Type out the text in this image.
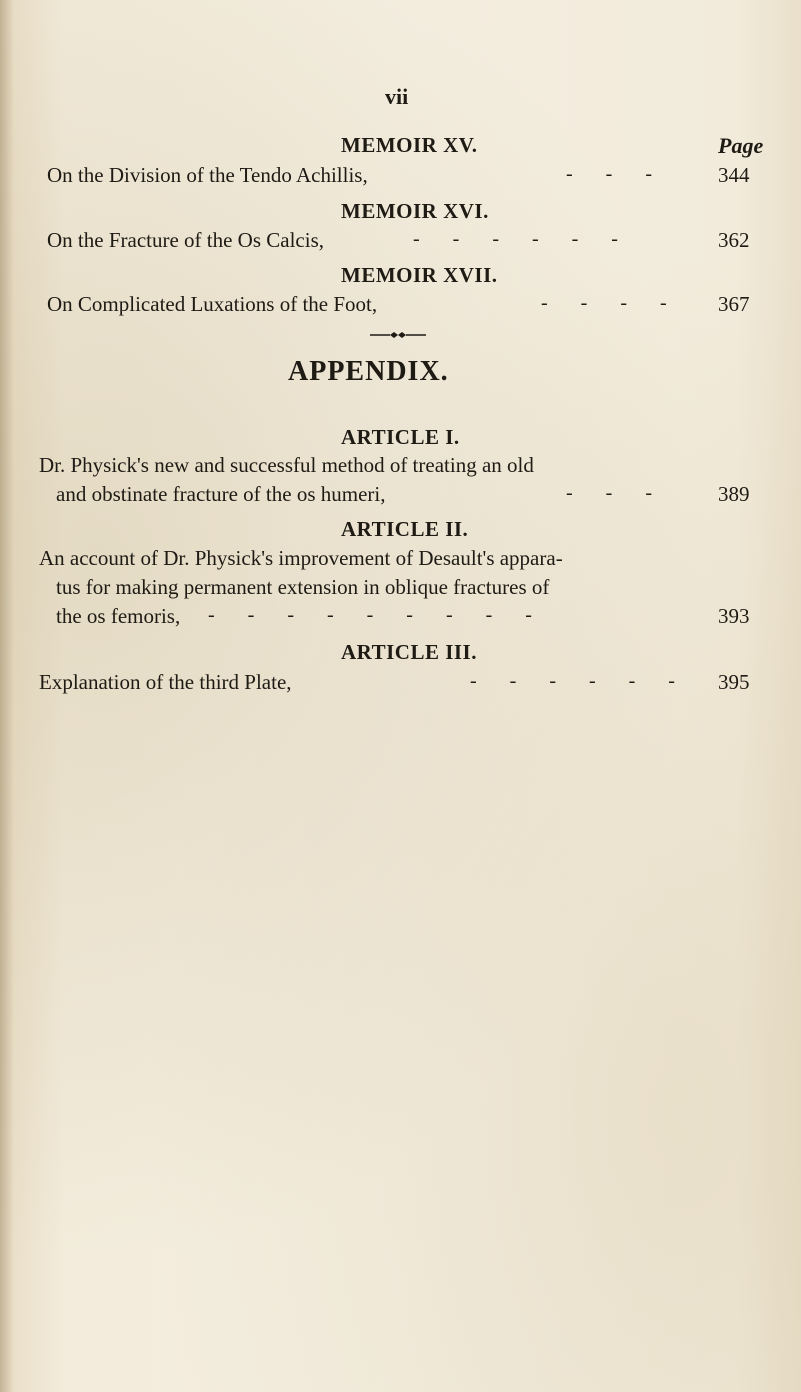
vii
MEMOIR XV.	Page
On the Division of the Tendo Achillis,	- - - 344
MEMOIR XVI.
On the Fracture of the Os Calcis,	- - - - - -	362
MEMOIR XVII.
On Complicated Luxations of the Foot,	- - - - 367
APPENDIX.
ARTICLE I.
Dr. Physick's new and successful method of treating an old
and obstinate fracture of the os humeri,	- - - 389
ARTICLE II.
An account of Dr. Physick's improvement of Desault's appara-
tus for making permanent extension in oblique fractures of
the os femoris, - - - - - - - - -	393
ARTICLE III.
Explanation of the third Plate,	- - - - - - 395
